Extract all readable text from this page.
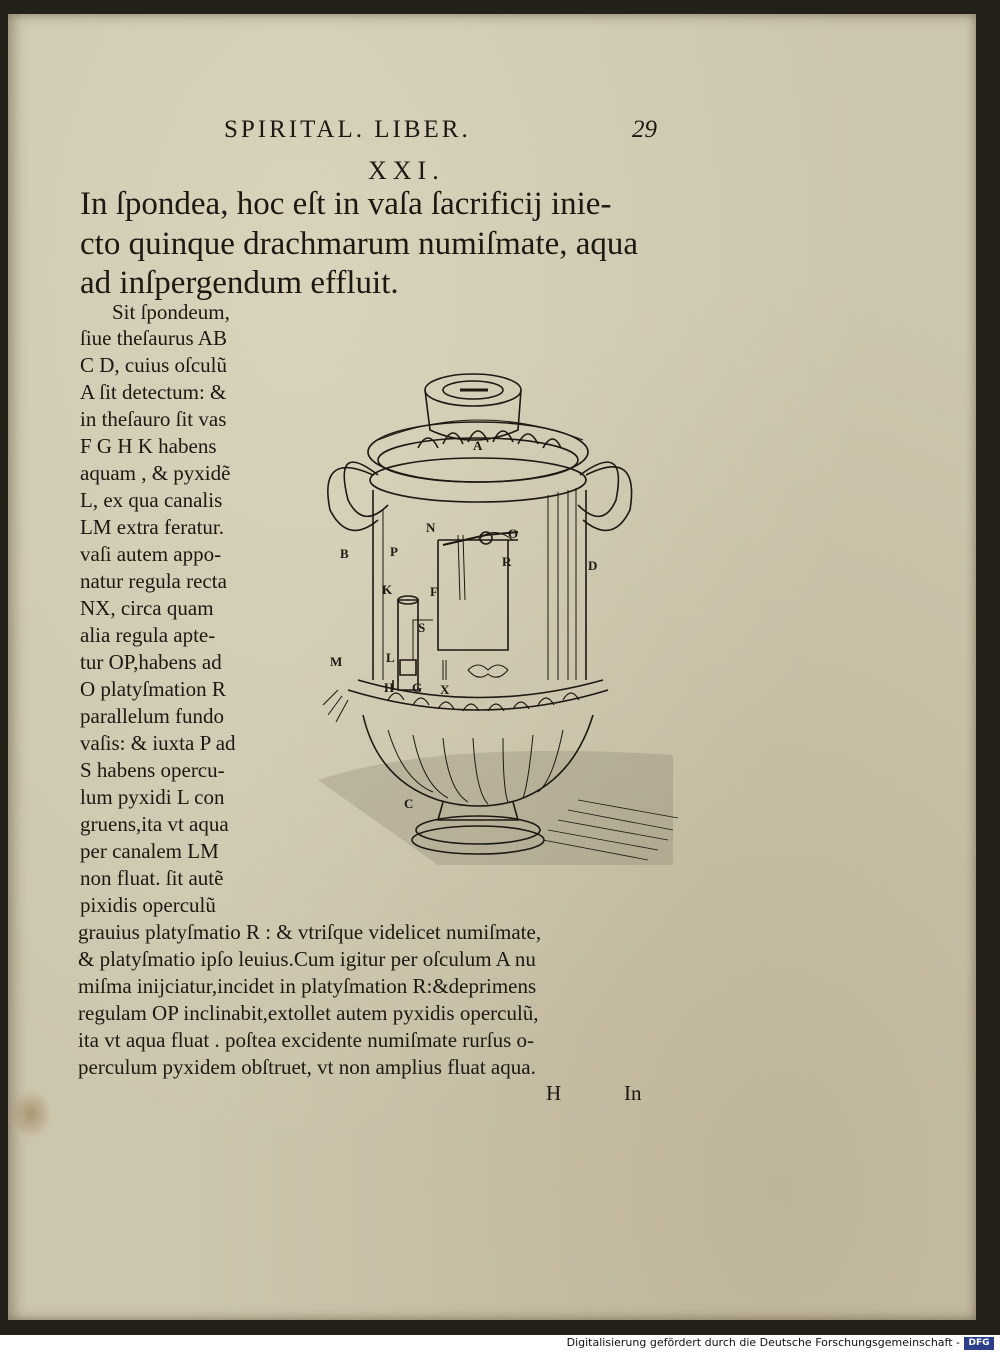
SPIRITAL. LIBER.	29
XXI.
In ſpondea, hoc eſt in vaſa ſacrificij inie-
cto quinque drachmarum numiſmate, aqua
ad inſpergendum effluit.
Sit ſpondeum,
ſiue theſaurus AB
C D, cuius oſculũ
A ſit detectum: &
in theſauro ſit vas
F G H K habens
aquam , & pyxidẽ
L, ex qua canalis
LM extra feratur.
vaſi autem appo-
natur regula recta
NX, circa quam
alia regula apte-
tur OP,habens ad
O platyſmation R
parallelum fundo
vaſis: & iuxta P ad
S habens opercu-
lum pyxidi L con
gruens,ita vt aqua
per canalem LM
non fluat. ſit autẽ
pixidis operculũ
A
B
N	O
P
R	D
K	F
S
M	L
H G X
C
grauius platyſmatio R : & vtriſque videlicet numiſmate,
& platyſmatio ipſo leuius.Cum igitur per oſculum A nu
miſma inijciatur,incidet in platyſmation R:&deprimens
regulam OP inclinabit,extollet autem pyxidis operculũ,
ita vt aqua fluat . poſtea excidente numiſmate rurſus o-
perculum pyxidem obſtruet, vt non amplius fluat aqua.
H	In
Digitalisierung gefördert durch die Deutsche Forschungsgemeinschaft - DFG
